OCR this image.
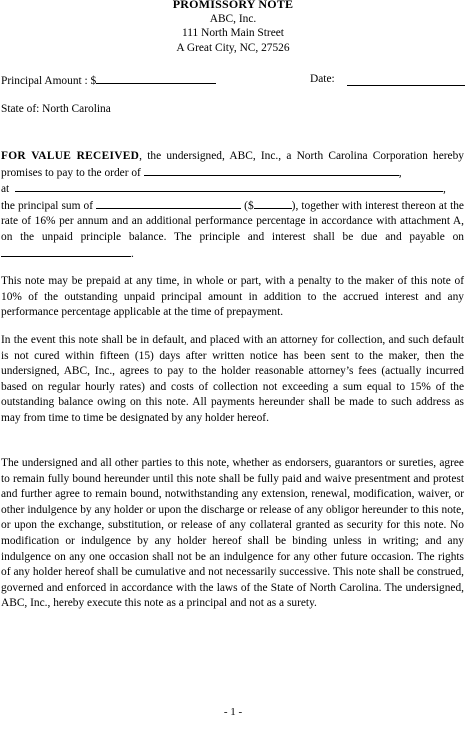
PROMISSORY NOTE
ABC, Inc.
111 North Main Street
A Great City, NC, 27526
Principal Amount : $	Date:
State of: North Carolina

FOR VALUE RECEIVED, the undersigned, ABC, Inc., a North Carolina Corporation hereby promises to pay to the order of	,
at	,
the principal sum of	($	), together with interest thereon at the rate of 16% per annum and an additional performance percentage in accordance with attachment A, on the unpaid principle balance. The principle and interest shall be due and payable on .

This note may be prepaid at any time, in whole or part, with a penalty to the maker of this note of 10% of the outstanding unpaid principal amount in addition to the accrued interest and any performance percentage applicable at the time of prepayment.

In the event this note shall be in default, and placed with an attorney for collection, and such default is not cured within fifteen (15) days after written notice has been sent to the maker, then the undersigned, ABC, Inc., agrees to pay to the holder reasonable attorney’s fees (actually incurred based on regular hourly rates) and costs of collection not exceeding a sum equal to 15% of the outstanding balance owing on this note. All payments hereunder shall be made to such address as may from time to time be designated by any holder hereof.

The undersigned and all other parties to this note, whether as endorsers, guarantors or sureties, agree to remain fully bound hereunder until this note shall be fully paid and waive presentment and protest and further agree to remain bound, notwithstanding any extension, renewal, modification, waiver, or other indulgence by any holder or upon the discharge or release of any obligor hereunder to this note, or upon the exchange, substitution, or release of any collateral granted as security for this note. No modification or indulgence by any holder hereof shall be binding unless in writing; and any indulgence on any one occasion shall not be an indulgence for any other future occasion. The rights of any holder hereof shall be cumulative and not necessarily successive. This note shall be construed, governed and enforced in accordance with the laws of the State of North Carolina. The undersigned, ABC, Inc., hereby execute this note as a principal and not as a surety.

- 1 -
